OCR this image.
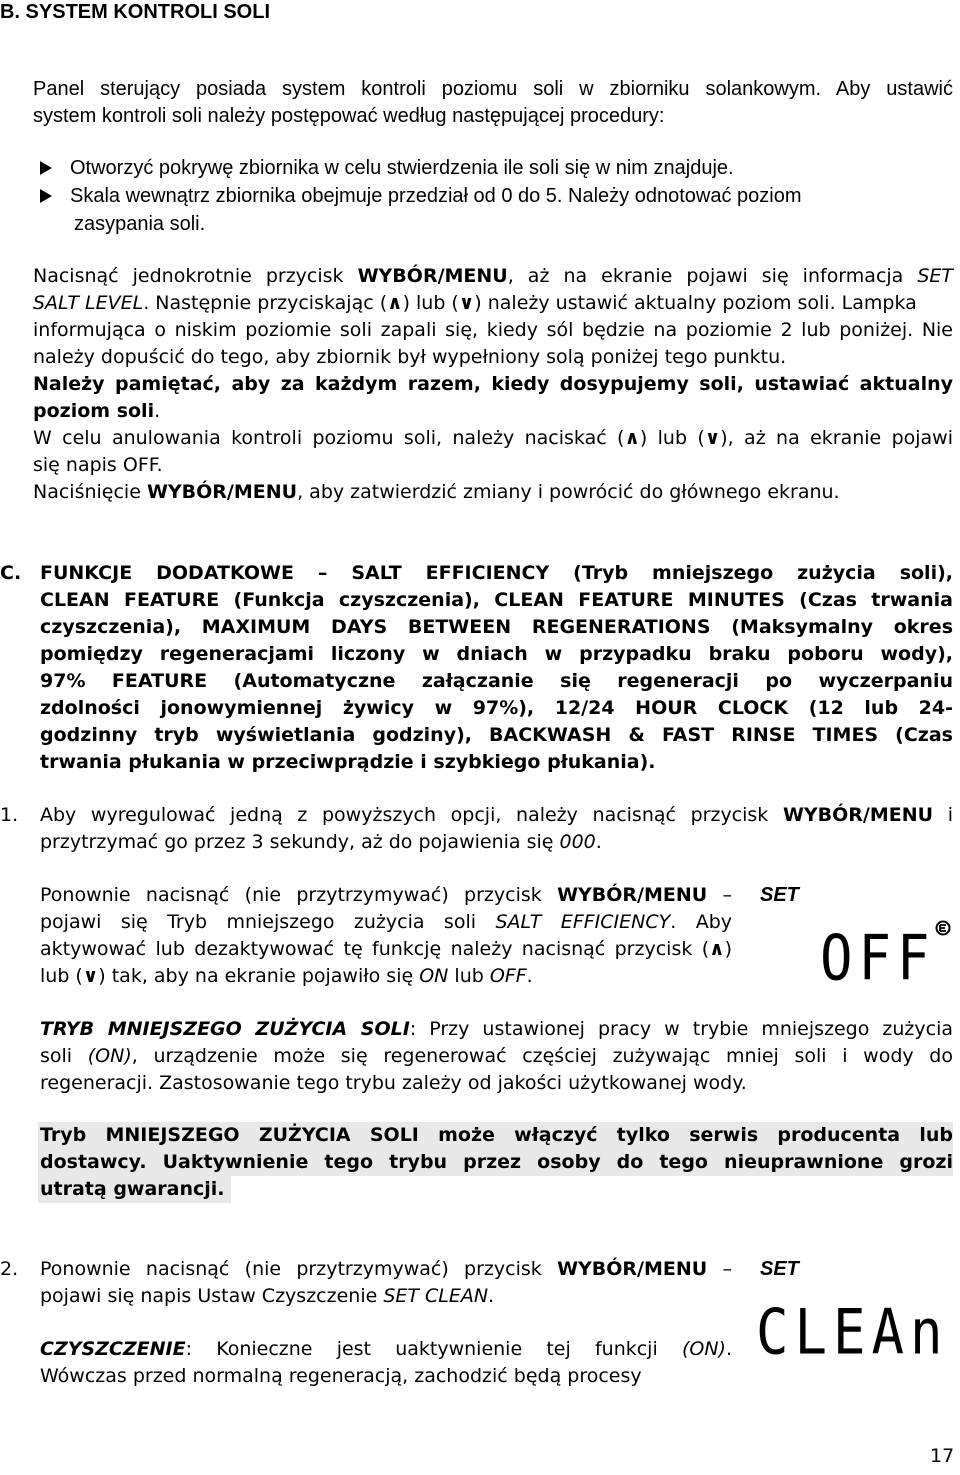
B. SYSTEM KONTROLI SOLI
Panel sterujący posiada system kontroli poziomu soli w zbiorniku solankowym. Aby ustawić
system kontroli soli należy postępować według następującej procedury:
Otworzyć pokrywę zbiornika w celu stwierdzenia ile soli się w nim znajduje.
Skala wewnątrz zbiornika obejmuje przedział od 0 do 5. Należy odnotować poziom
zasypania soli.
Nacisnąć jednokrotnie przycisk WYBÓR/MENU, aż na ekranie pojawi się informacja SET
SALT LEVEL. Następnie przyciskając (∧) lub (∨) należy ustawić aktualny poziom soli. Lampka
informująca o niskim poziomie soli zapali się, kiedy sól będzie na poziomie 2 lub poniżej. Nie
należy dopuścić do tego, aby zbiornik był wypełniony solą poniżej tego punktu.
Należy pamiętać, aby za każdym razem, kiedy dosypujemy soli, ustawiać aktualny
poziom soli.
W celu anulowania kontroli poziomu soli, należy naciskać (∧) lub (∨), aż na ekranie pojawi
się napis OFF.
Naciśnięcie WYBÓR/MENU, aby zatwierdzić zmiany i powrócić do głównego ekranu.
C. FUNKCJE DODATKOWE – SALT EFFICIENCY (Tryb mniejszego zużycia soli),
CLEAN FEATURE (Funkcja czyszczenia), CLEAN FEATURE MINUTES (Czas trwania
czyszczenia), MAXIMUM DAYS BETWEEN REGENERATIONS (Maksymalny okres
pomiędzy regeneracjami liczony w dniach w przypadku braku poboru wody),
97% FEATURE (Automatyczne załączanie się regeneracji po wyczerpaniu
zdolności jonowymiennej żywicy w 97%), 12/24 HOUR CLOCK (12 lub 24-
godzinny tryb wyświetlania godziny), BACKWASH & FAST RINSE TIMES (Czas
trwania płukania w przeciwprądzie i szybkiego płukania).
1. Aby wyregulować jedną z powyższych opcji, należy nacisnąć przycisk WYBÓR/MENU i
przytrzymać go przez 3 sekundy, aż do pojawienia się 000.
Ponownie nacisnąć (nie przytrzymywać) przycisk WYBÓR/MENU –
pojawi się Tryb mniejszego zużycia soli SALT EFFICIENCY. Aby
aktywować lub dezaktywować tę funkcję należy nacisnąć przycisk (∧)
lub (∨) tak, aby na ekranie pojawiło się ON lub OFF.
SET
OFF
TRYB MNIEJSZEGO ZUŻYCIA SOLI: Przy ustawionej pracy w trybie mniejszego zużycia
soli (ON), urządzenie może się regenerować częściej zużywając mniej soli i wody do
regeneracji. Zastosowanie tego trybu zależy od jakości użytkowanej wody.
Tryb MNIEJSZEGO ZUŻYCIA SOLI może włączyć tylko serwis producenta lub
dostawcy. Uaktywnienie tego trybu przez osoby do tego nieuprawnione grozi
utratą gwarancji.
2. Ponownie nacisnąć (nie przytrzymywać) przycisk WYBÓR/MENU –
pojawi się napis Ustaw Czyszczenie SET CLEAN.
SET
CLEAn
CZYSZCZENIE: Konieczne jest uaktywnienie tej funkcji (ON).
Wówczas przed normalną regeneracją, zachodzić będą procesy
17
